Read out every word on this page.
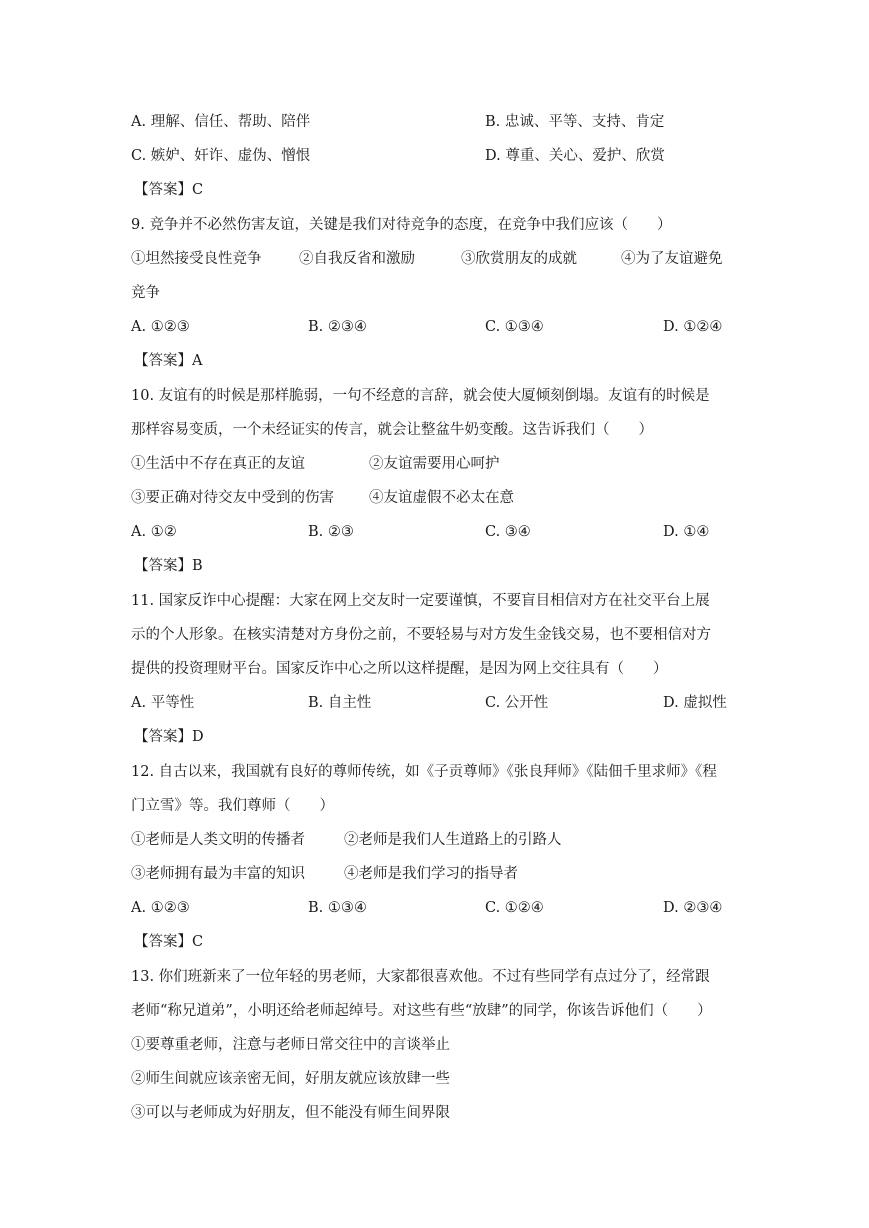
A. 理解、信任、帮助、陪伴	B. 忠诚、平等、支持、肯定
C. 嫉妒、奸诈、虚伪、憎恨	D. 尊重、关心、爱护、欣赏
【答案】C
9. 竞争并不必然伤害友谊，关键是我们对待竞争的态度，在竞争中我们应该（　　）
①坦然接受良性竞争	②自我反省和激励	③欣赏朋友的成就	④为了友谊避免
竞争
A. ①②③	B. ②③④	C. ①③④	D. ①②④
【答案】A
10. 友谊有的时候是那样脆弱，一句不经意的言辞，就会使大厦倾刻倒塌。友谊有的时候是
那样容易变质，一个未经证实的传言，就会让整盆牛奶变酸。这告诉我们（　　）
①生活中不存在真正的友谊	②友谊需要用心呵护
③要正确对待交友中受到的伤害 ④友谊虚假不必太在意
A. ①②	B. ②③	C. ③④	D. ①④
【答案】B
11. 国家反诈中心提醒：大家在网上交友时一定要谨慎，不要盲目相信对方在社交平台上展
示的个人形象。在核实清楚对方身份之前，不要轻易与对方发生金钱交易，也不要相信对方
提供的投资理财平台。国家反诈中心之所以这样提醒，是因为网上交往具有（　　）
A. 平等性	B. 自主性	C. 公开性	D. 虚拟性
【答案】D
12. 自古以来，我国就有良好的尊师传统，如《子贡尊师》《张良拜师》《陆佃千里求师》《程
门立雪》等。我们尊师（　　）
①老师是人类文明的传播者	②老师是我们人生道路上的引路人
③老师拥有最为丰富的知识	④老师是我们学习的指导者
A. ①②③	B. ①③④	C. ①②④	D. ②③④
【答案】C
13. 你们班新来了一位年轻的男老师，大家都很喜欢他。不过有些同学有点过分了，经常跟
老师“称兄道弟”，小明还给老师起绰号。对这些有些“放肆”的同学，你该告诉他们（　　）
①要尊重老师，注意与老师日常交往中的言谈举止
②师生间就应该亲密无间，好朋友就应该放肆一些
③可以与老师成为好朋友，但不能没有师生间界限
